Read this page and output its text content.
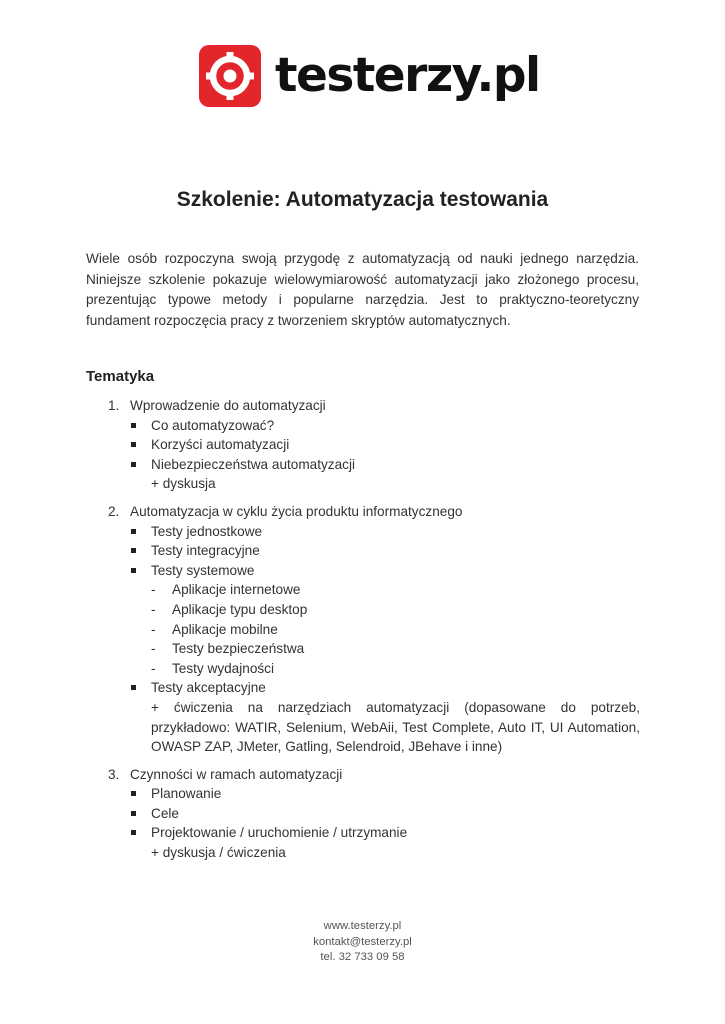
testerzy.pl
Szkolenie: Automatyzacja testowania

Wiele osób rozpoczyna swoją przygodę z automatyzacją od nauki jednego narzędzia. Niniejsze szkolenie pokazuje wielowymiarowość automatyzacji jako złożonego procesu, prezentując typowe metody i popularne narzędzia. Jest to praktyczno-teoretyczny fundament rozpoczęcia pracy z tworzeniem skryptów automatycznych.

Tematyka
1. Wprowadzenie do automatyzacji
Co automatyzować?
Korzyści automatyzacji
Niebezpieczeństwa automatyzacji
+ dyskusja
2. Automatyzacja w cyklu życia produktu informatycznego
Testy jednostkowe
Testy integracyjne
Testy systemowe
- Aplikacje internetowe
- Aplikacje typu desktop
- Aplikacje mobilne
- Testy bezpieczeństwa
- Testy wydajności
Testy akceptacyjne
+ ćwiczenia na narzędziach automatyzacji (dopasowane do potrzeb, przykładowo: WATIR, Selenium, WebAii, Test Complete, Auto IT, UI Automation, OWASP ZAP, JMeter, Gatling, Selendroid, JBehave i inne)
3. Czynności w ramach automatyzacji
Planowanie
Cele
Projektowanie / uruchomienie / utrzymanie
+ dyskusja / ćwiczenia
www.testerzy.pl
kontakt@testerzy.pl
tel. 32 733 09 58
